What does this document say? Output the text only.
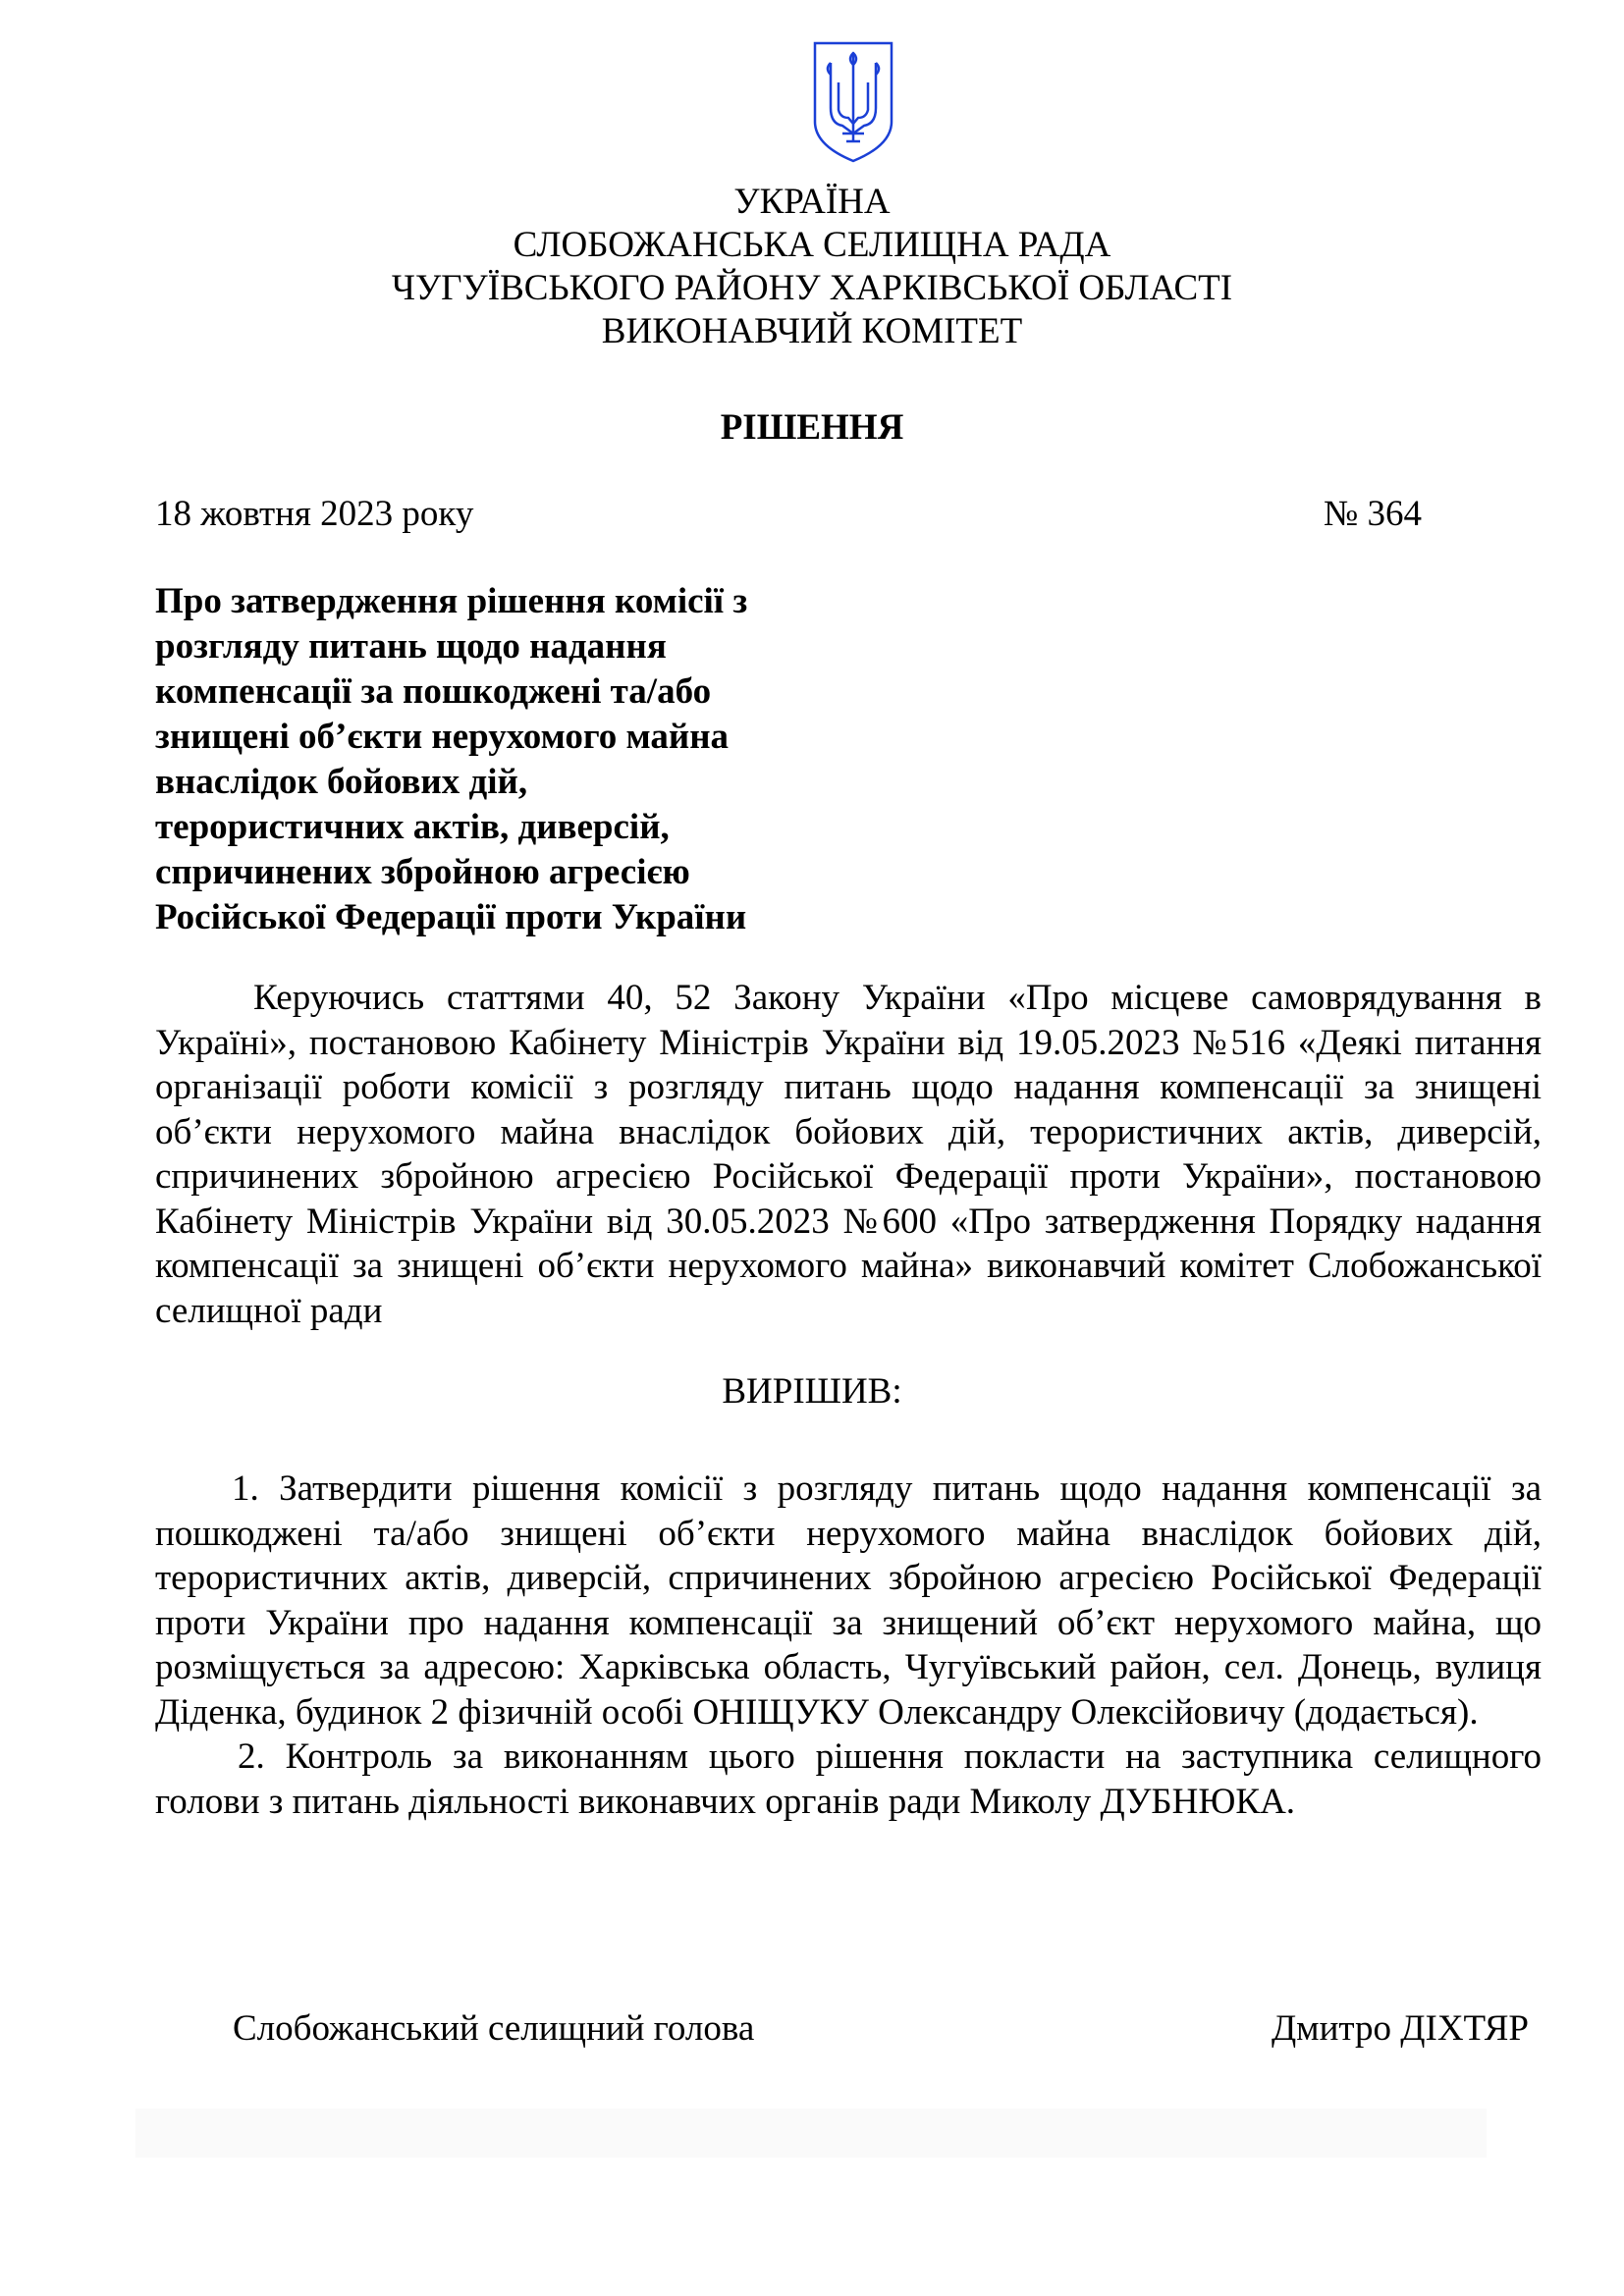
УКРАЇНА
СЛОБОЖАНСЬКА СЕЛИЩНА РАДА
ЧУГУЇВСЬКОГО РАЙОНУ ХАРКІВСЬКОЇ ОБЛАСТІ
ВИКОНАВЧИЙ КОМІТЕТ
РІШЕННЯ
18 жовтня 2023 року	№ 364
Про затвердження рішення комісії з
розгляду питань щодо надання
компенсації за пошкоджені та/або
знищені об’єкти нерухомого майна
внаслідок бойових дій,
терористичних актів, диверсій,
спричинених збройною агресією
Російської Федерації проти України

Керуючись статтями 40, 52 Закону України «Про місцеве самоврядування в Україні», постановою Кабінету Міністрів України від 19.05.2023 №516 «Деякі питання організації роботи комісії з розгляду питань щодо надання компенсації за знищені об’єкти нерухомого майна внаслідок бойових дій, терористичних актів, диверсій, спричинених збройною агресією Російської Федерації проти України», постановою Кабінету Міністрів України від 30.05.2023 №600 «Про затвердження Порядку надання компенсації за знищені об’єкти нерухомого майна» виконавчий комітет Слобожанської селищної ради

ВИРІШИВ:

1. Затвердити рішення комісії з розгляду питань щодо надання компенсації за пошкоджені та/або знищені об’єкти нерухомого майна внаслідок бойових дій, терористичних актів, диверсій, спричинених збройною агресією Російської Федерації проти України про надання компенсації за знищений об’єкт нерухомого майна, що розміщується за адресою: Харківська область, Чугуївський район, сел. Донець, вулиця Діденка, будинок 2 фізичній особі ОНІЩУКУ Олександру Олексійовичу (додається).

2. Контроль за виконанням цього рішення покласти на заступника селищного голови з питань діяльності виконавчих органів ради Миколу ДУБНЮКА.

Слобожанський селищний голова	Дмитро ДІХТЯР
